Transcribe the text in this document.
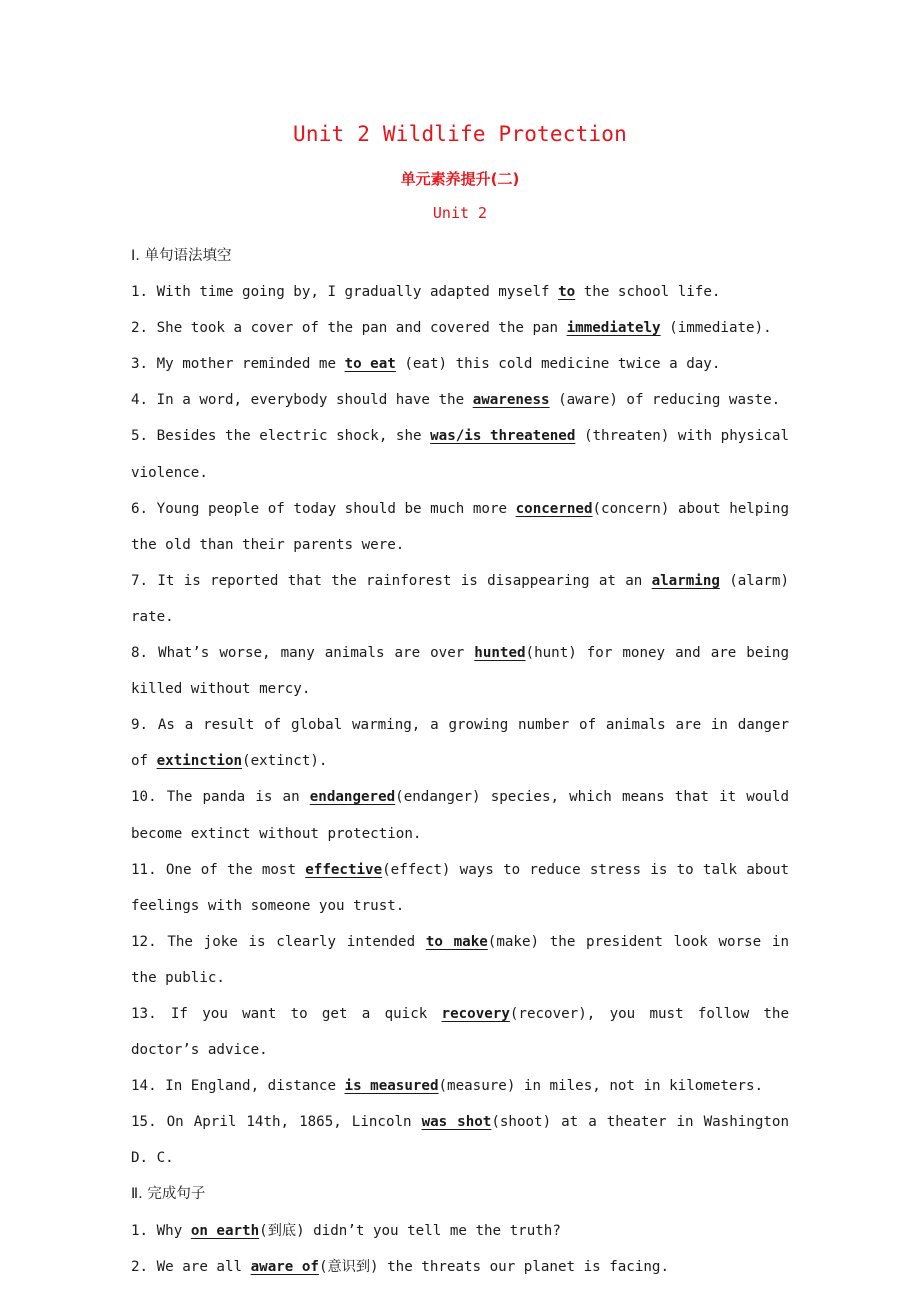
Unit 2 Wildlife Protection
单元素养提升(二)
Unit 2

Ⅰ. 单句语法填空

1. With time going by, I gradually adapted myself to the school life.

2. She took a cover of the pan and covered the pan immediately (immediate).

3. My mother reminded me to eat (eat) this cold medicine twice a day.

4. In a word, everybody should have the awareness (aware) of reducing waste.

5. Besides the electric shock, she was/is threatened (threaten) with physical violence.

6. Young people of today should be much more concerned(concern) about helping the old than their parents were.

7. It is reported that the rainforest is disappearing at an alarming (alarm) rate.

8. What’s worse, many animals are over hunted(hunt) for money and are being killed without mercy.

9. As a result of global warming, a growing number of animals are in danger of extinction(extinct).

10. The panda is an endangered(endanger) species, which means that it would become extinct without protection.

11. One of the most effective(effect) ways to reduce stress is to talk about feelings with someone you trust.

12. The joke is clearly intended to make(make) the president look worse in the public.

13. If you want to get a quick recovery(recover), you must follow the doctor’s advice.

14. In England, distance is measured(measure) in miles, not in kilometers.

15. On April 14th, 1865, Lincoln was shot(shoot) at a theater in Washington D. C.

Ⅱ. 完成句子

1. Why on earth(到底) didn’t you tell me the truth?

2. We are all aware of(意识到) the threats our planet is facing.
